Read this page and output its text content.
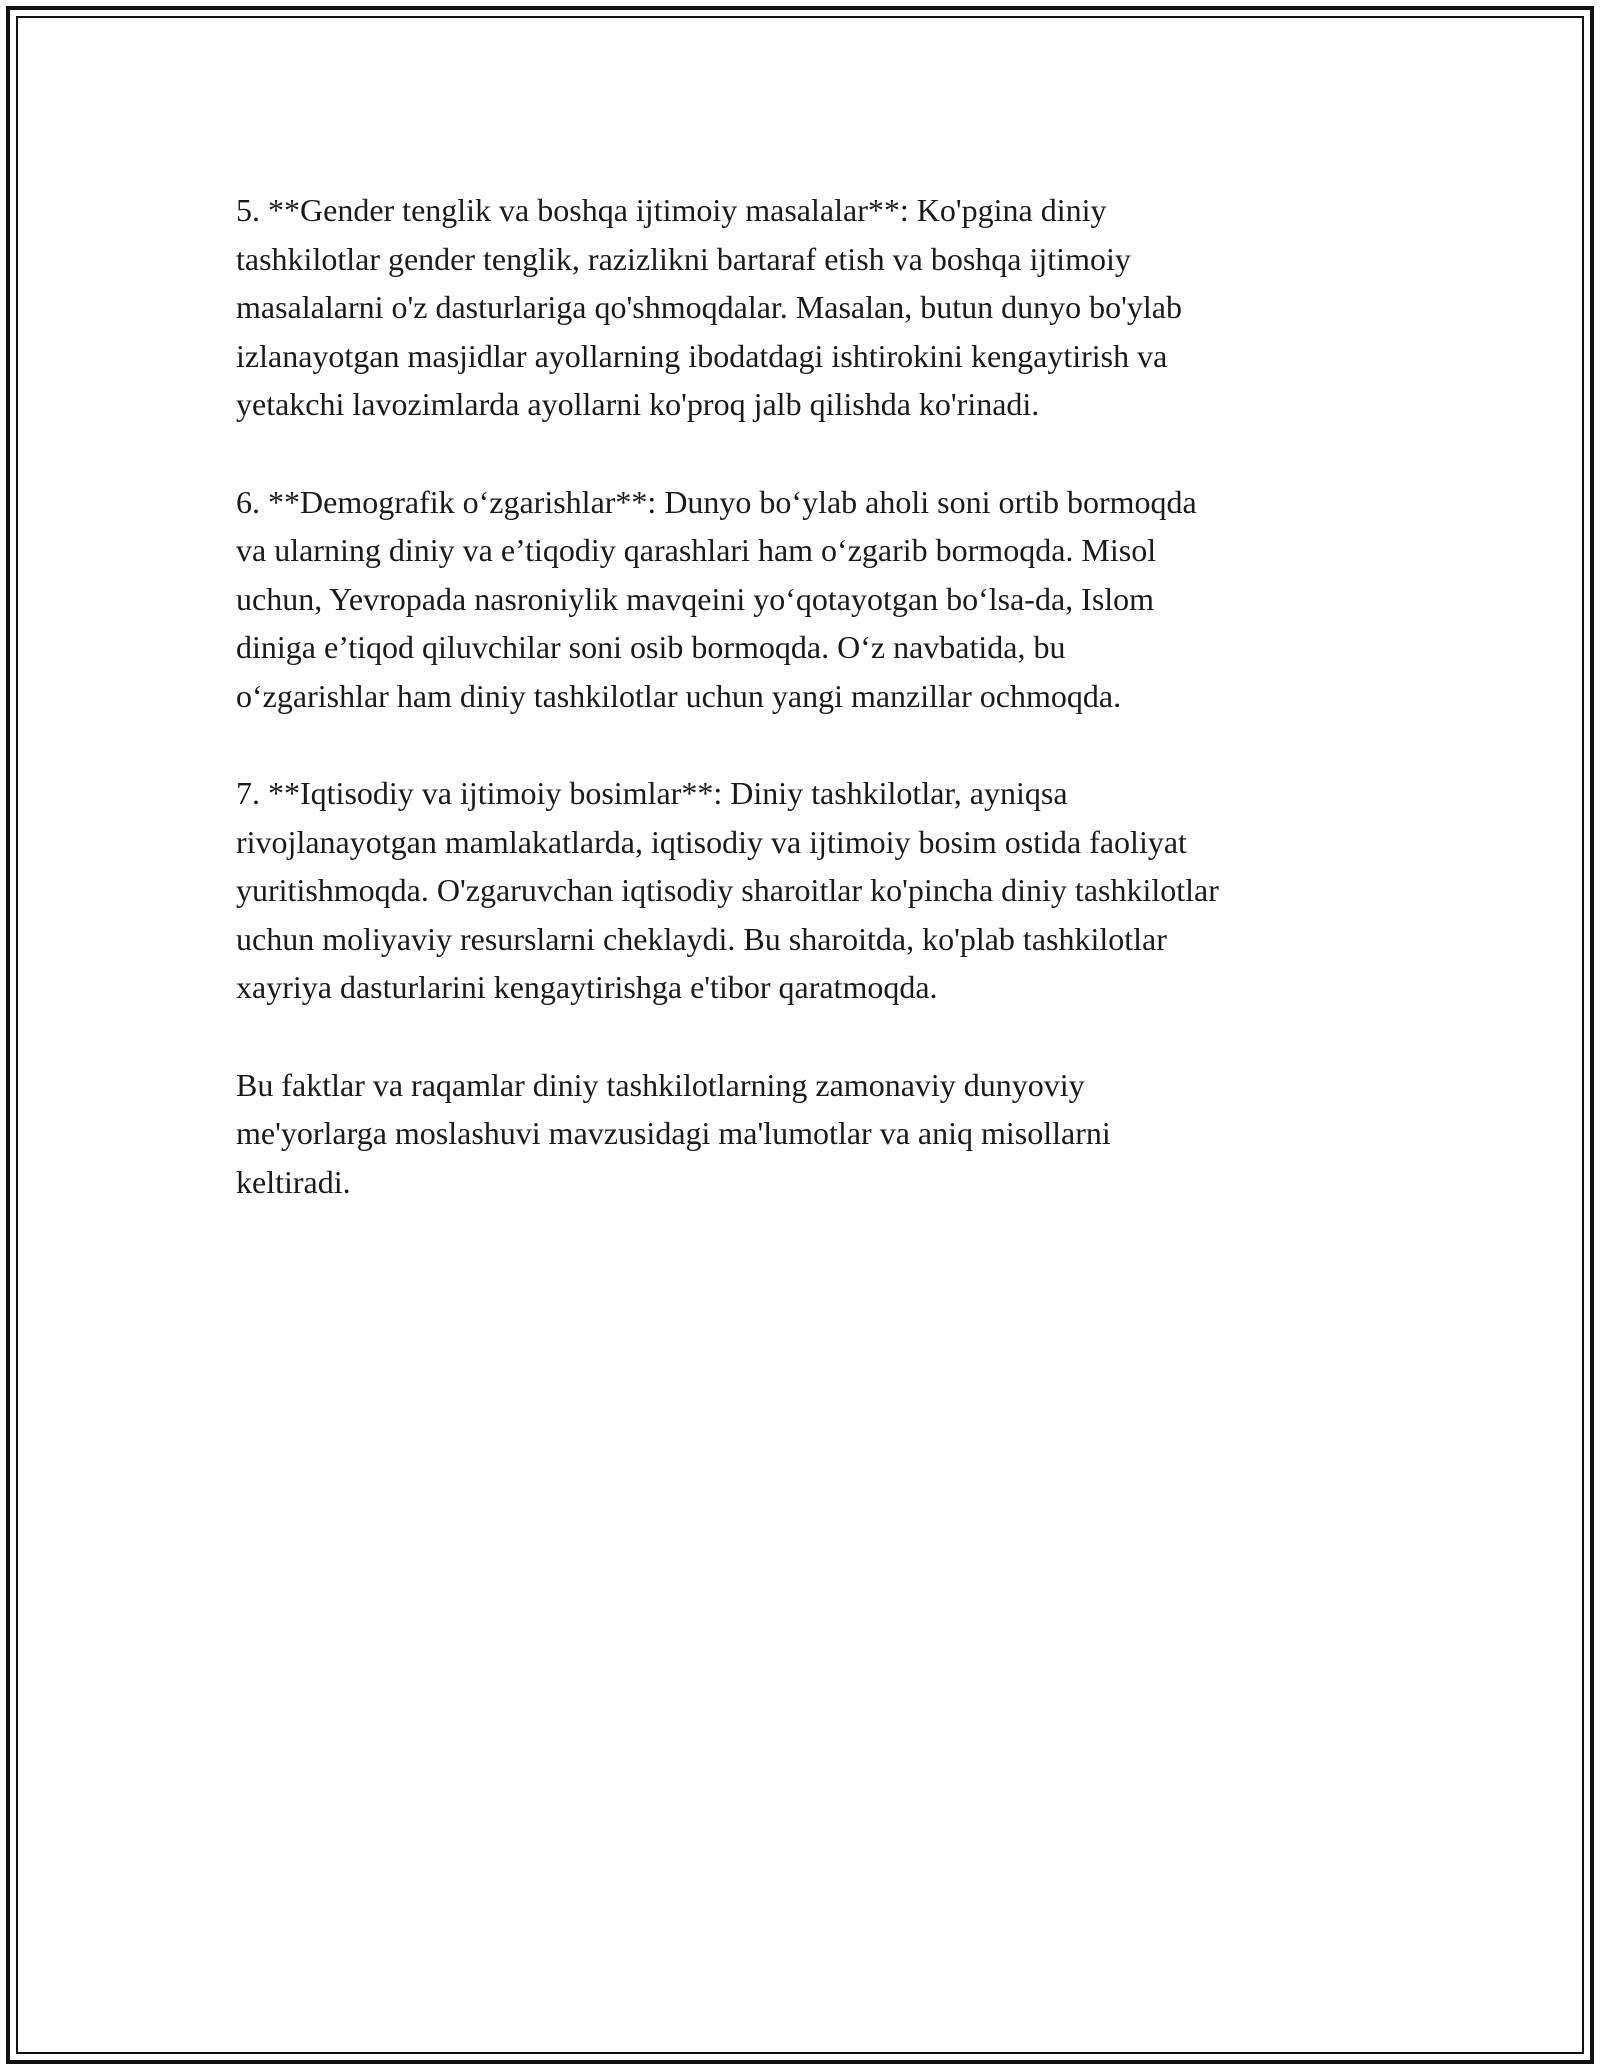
5. **Gender tenglik va boshqa ijtimoiy masalalar**: Ko'pgina diniy
tashkilotlar gender tenglik, razizlikni bartaraf etish va boshqa ijtimoiy
masalalarni o'z dasturlariga qo'shmoqdalar. Masalan, butun dunyo bo'ylab
izlanayotgan masjidlar ayollarning ibodatdagi ishtirokini kengaytirish va
yetakchi lavozimlarda ayollarni ko'proq jalb qilishda ko'rinadi.

6. **Demografik o‘zgarishlar**: Dunyo bo‘ylab aholi soni ortib bormoqda
va ularning diniy va e’tiqodiy qarashlari ham o‘zgarib bormoqda. Misol
uchun, Yevropada nasroniylik mavqeini yo‘qotayotgan bo‘lsa-da, Islom
diniga e’tiqod qiluvchilar soni osib bormoqda. O‘z navbatida, bu
o‘zgarishlar ham diniy tashkilotlar uchun yangi manzillar ochmoqda.

7. **Iqtisodiy va ijtimoiy bosimlar**: Diniy tashkilotlar, ayniqsa
rivojlanayotgan mamlakatlarda, iqtisodiy va ijtimoiy bosim ostida faoliyat
yuritishmoqda. O'zgaruvchan iqtisodiy sharoitlar ko'pincha diniy tashkilotlar
uchun moliyaviy resurslarni cheklaydi. Bu sharoitda, ko'plab tashkilotlar
xayriya dasturlarini kengaytirishga e'tibor qaratmoqda.

Bu faktlar va raqamlar diniy tashkilotlarning zamonaviy dunyoviy
me'yorlarga moslashuvi mavzusidagi ma'lumotlar va aniq misollarni
keltiradi.
